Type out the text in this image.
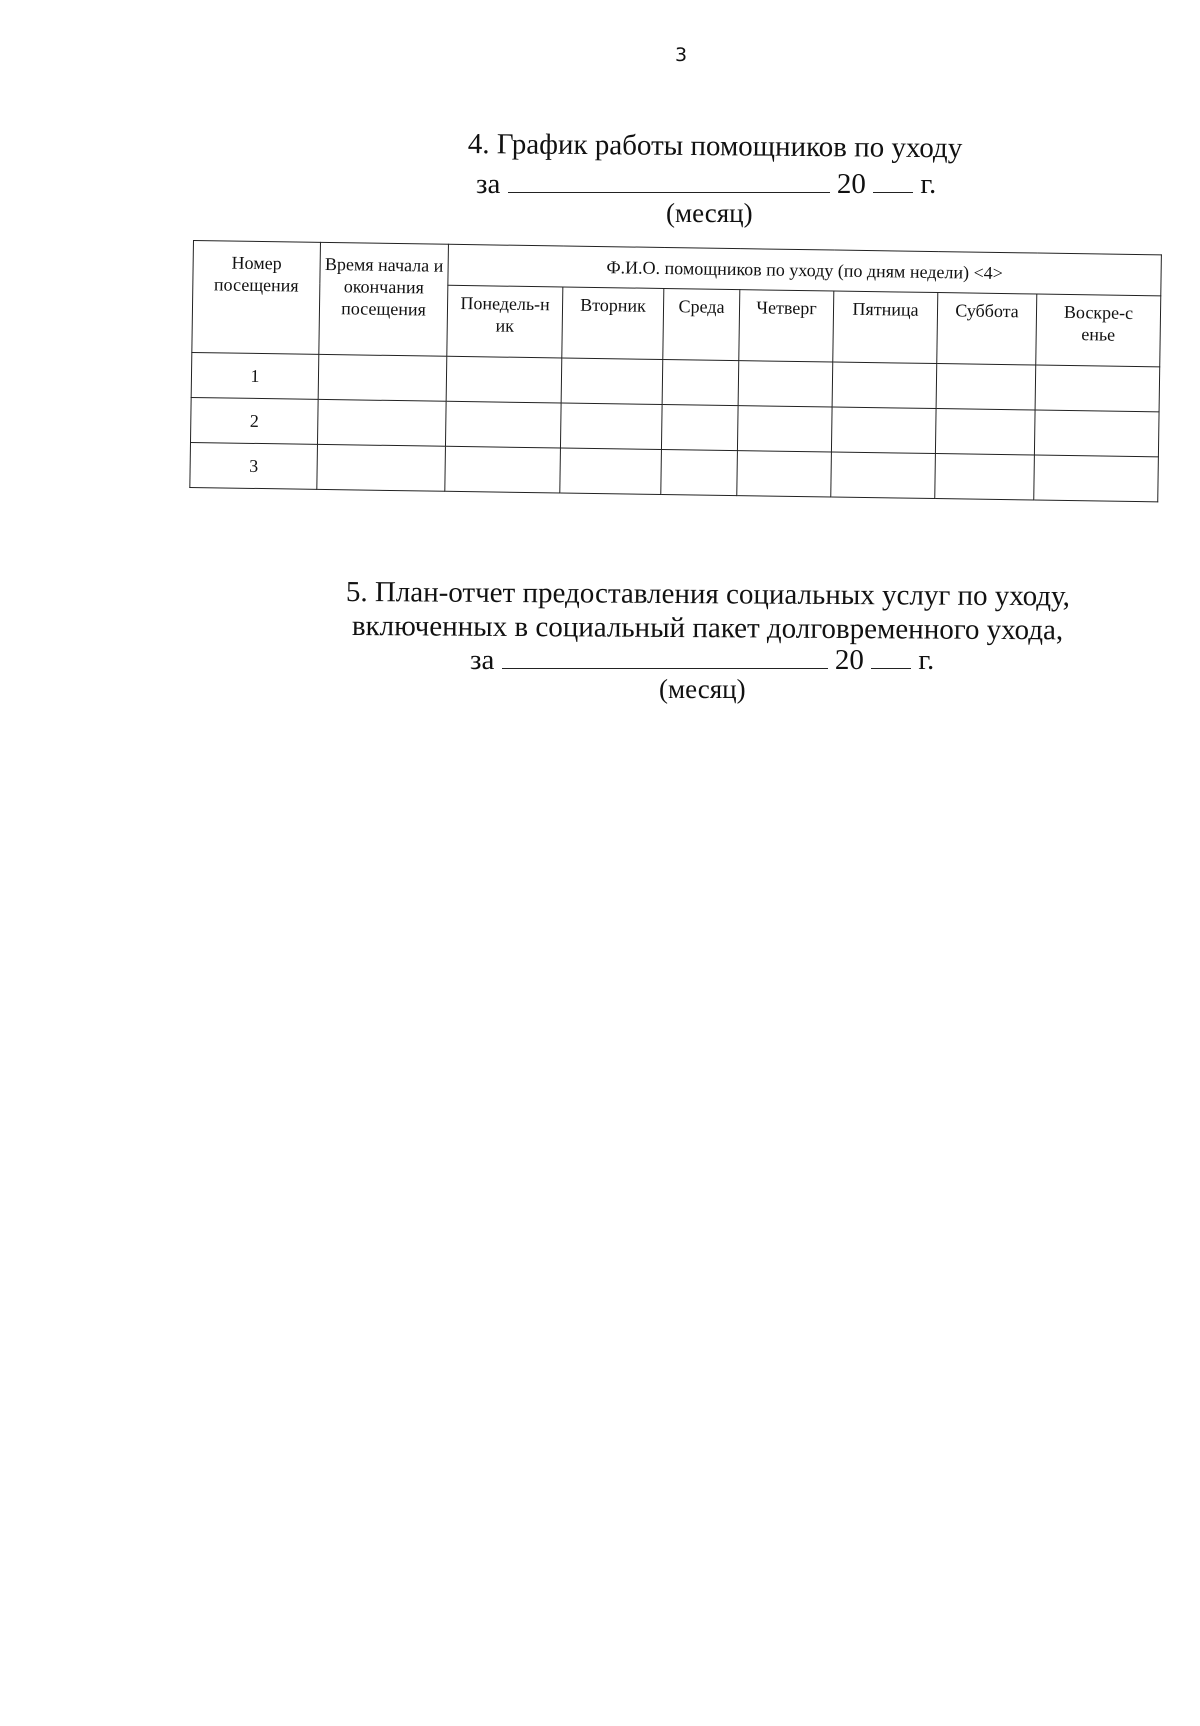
3
4. График работы помощников по уходу
за	20 г.
(месяц)
Номер посещения	Время начала и окончания посещения	Ф.И.О. помощников по уходу (по дням недели) <4>						
		Понедель-ник	Вторник	Среда	Четверг	Пятница	Суббота	Воскре-сенье
1								
2								
3								
5. План-отчет предоставления социальных услуг по уходу,
включенных в социальный пакет долговременного ухода,
за	20 г.
(месяц)
